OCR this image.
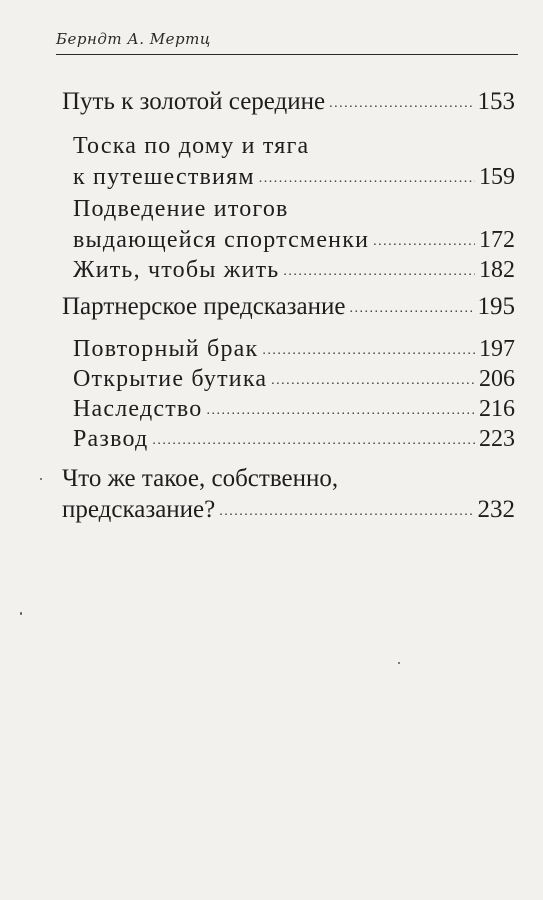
Берндт А. Мертц
Путь к золотой середине .....	153
Тоска по дому и тяга
к путешествиям .....	159
Подведение итогов
выдающейся спортсменки .....	172
Жить, чтобы жить .....	182
Партнерское предсказание .....	195
Повторный брак .....	197
Открытие бутика .....	206
Наследство .....	216
Развод .....	223
Что же такое, собственно,
предсказание? .....	232
